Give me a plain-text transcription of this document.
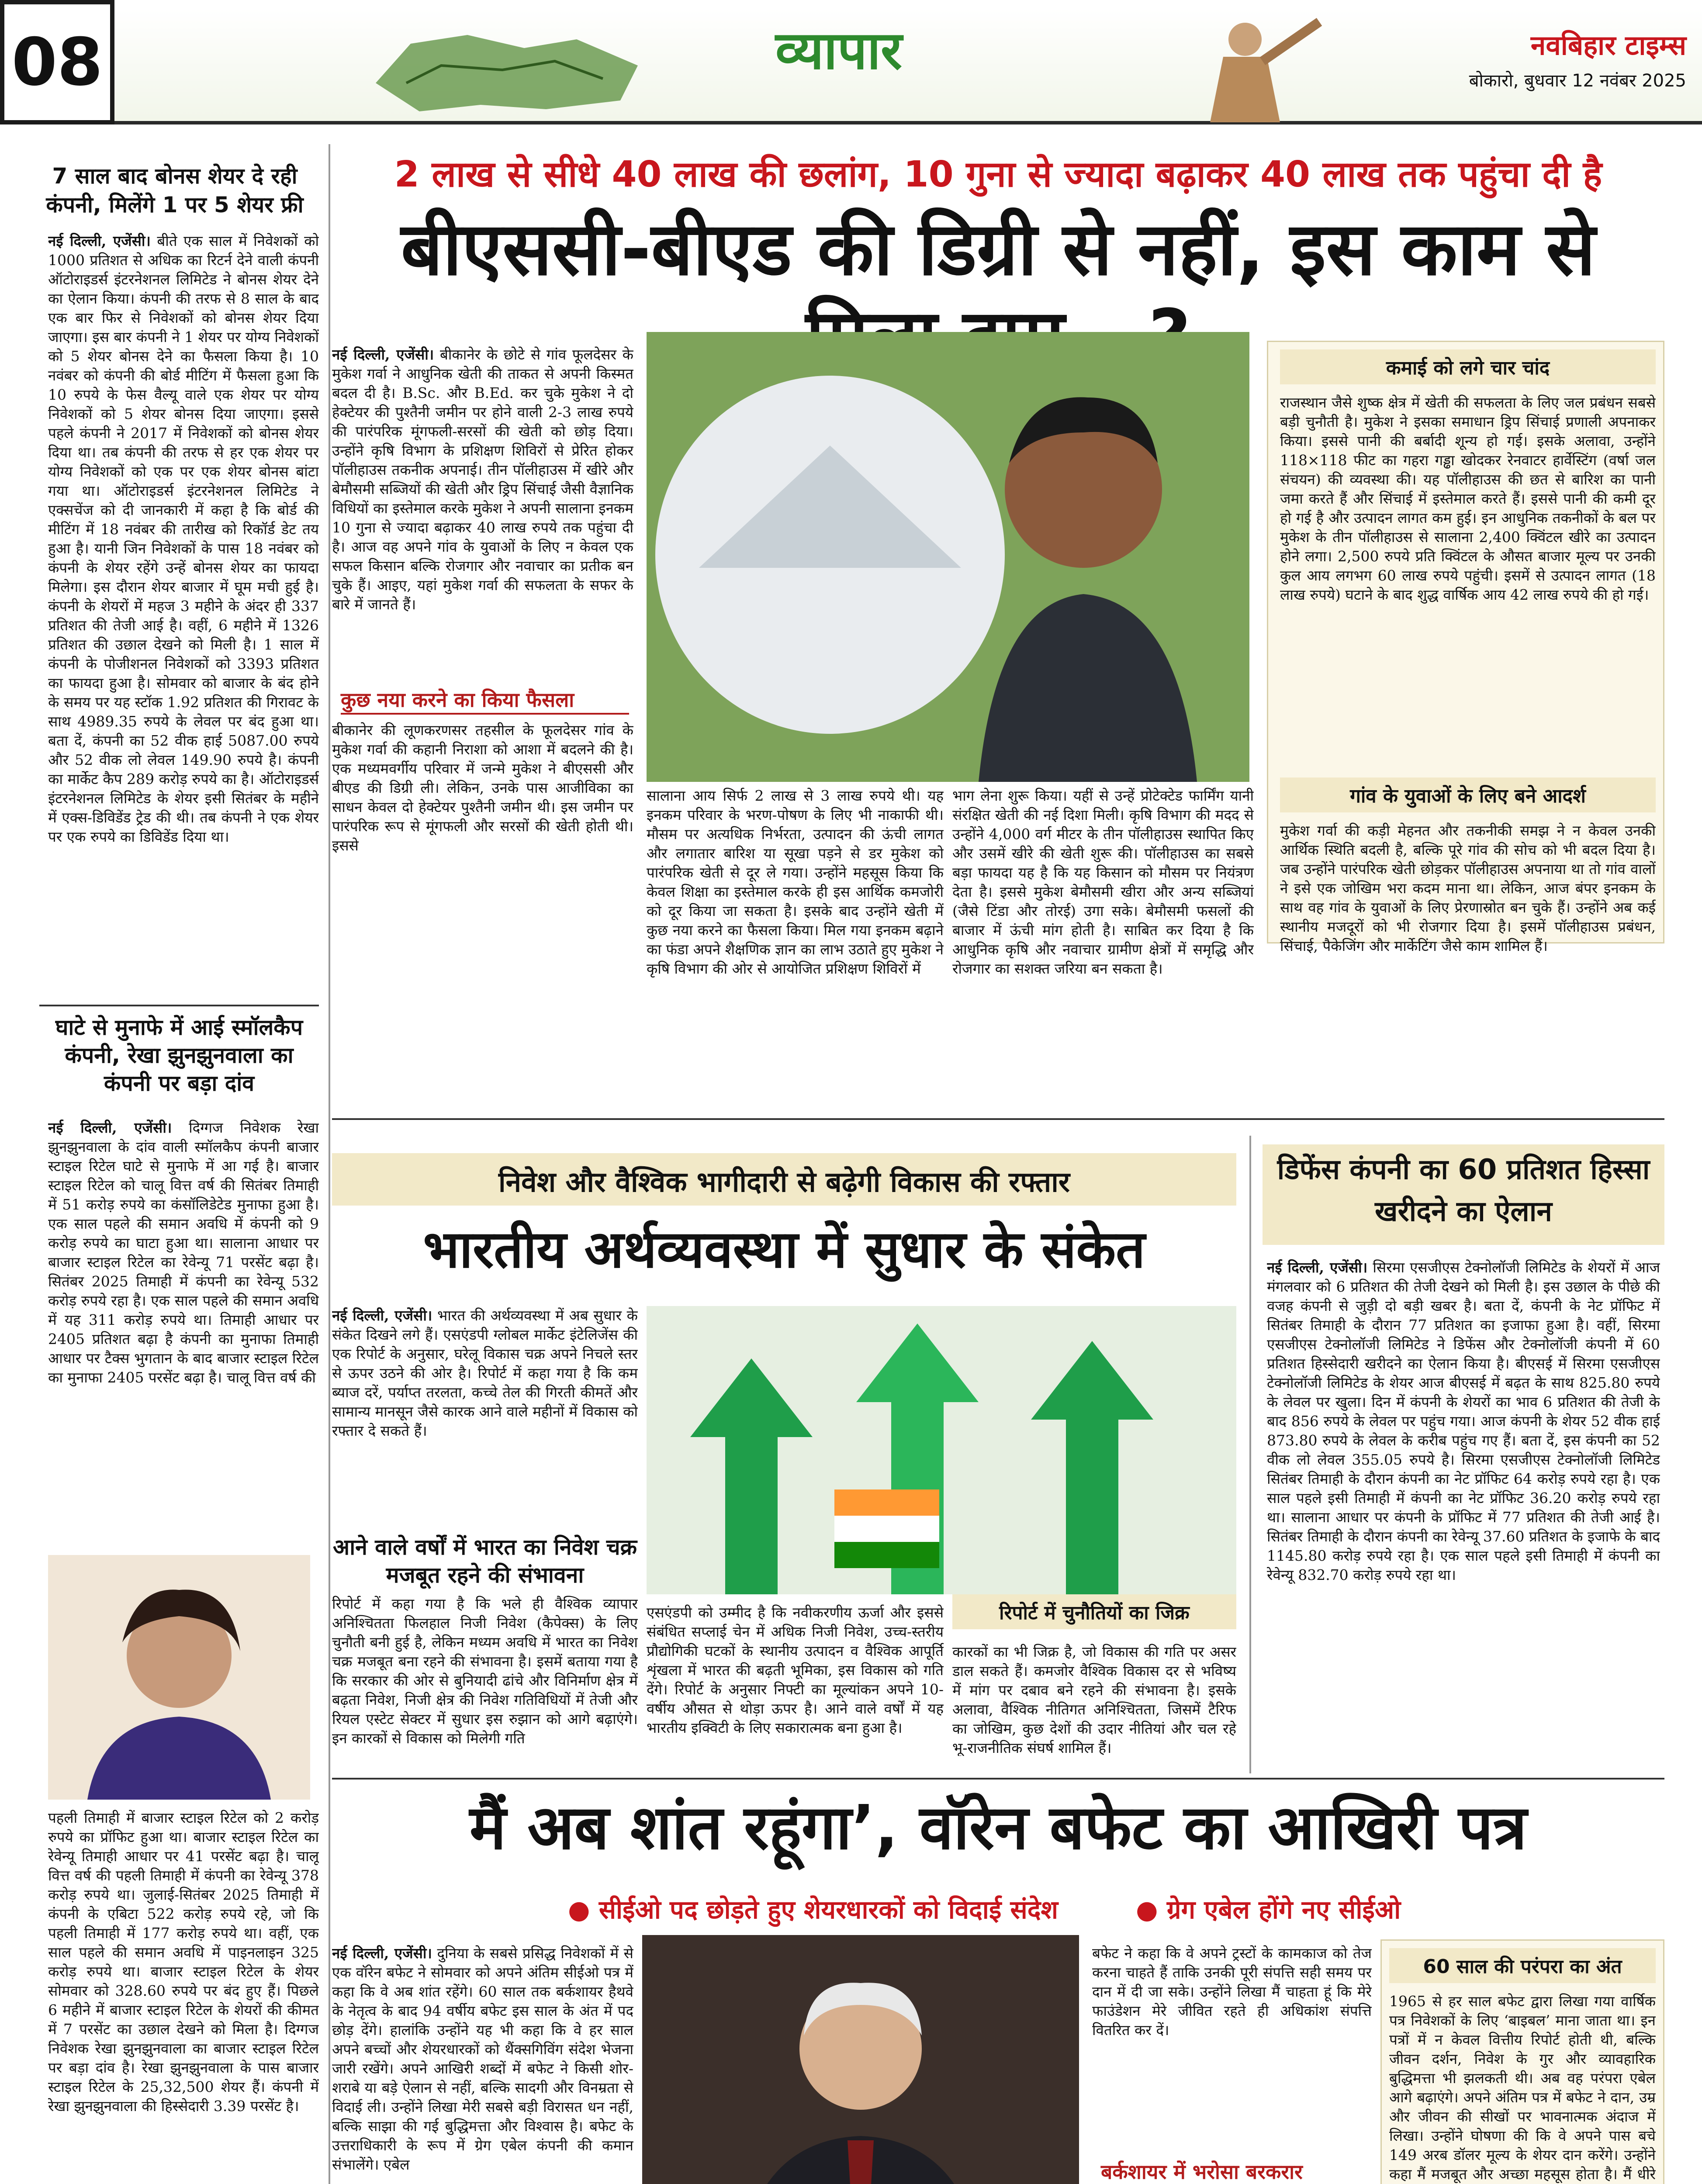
08	व्यापार	नवबिहार टाइम्स
बोकारो, बुधवार 12 नवंबर 2025
7 साल बाद बोनस शेयर दे रही कंपनी, मिलेंगे 1 पर 5 शेयर फ्री
नई दिल्ली, एजेंसी। बीते एक साल में निवेशकों को 1000 प्रतिशत से अधिक का रिटर्न देने वाली कंपनी ऑटोराइडर्स इंटरनेशनल लिमिटेड ने बोनस शेयर देने का ऐलान किया। कंपनी की तरफ से 8 साल के बाद एक बार फिर से निवेशकों को बोनस शेयर दिया जाएगा। इस बार कंपनी ने 1 शेयर पर योग्य निवेशकों को 5 शेयर बोनस देने का फैसला किया है। 10 नवंबर को कंपनी की बोर्ड मीटिंग में फैसला हुआ कि 10 रुपये के फेस वैल्यू वाले एक शेयर पर योग्य निवेशकों को 5 शेयर बोनस दिया जाएगा। इससे पहले कंपनी ने 2017 में निवेशकों को बोनस शेयर दिया था। तब कंपनी की तरफ से हर एक शेयर पर योग्य निवेशकों को एक पर एक शेयर बोनस बांटा गया था। ऑटोराइडर्स इंटरनेशनल लिमिटेड ने एक्सचेंज को दी जानकारी में कहा है कि बोर्ड की मीटिंग में 18 नवंबर की तारीख को रिकॉर्ड डेट तय हुआ है। यानी जिन निवेशकों के पास 18 नवंबर को कंपनी के शेयर रहेंगे उन्हें बोनस शेयर का फायदा मिलेगा। इस दौरान शेयर बाजार में घूम मची हुई है। कंपनी के शेयरों में महज 3 महीने के अंदर ही 337 प्रतिशत की तेजी आई है। वहीं, 6 महीने में 1326 प्रतिशत की उछाल देखने को मिली है। 1 साल में कंपनी के पोजीशनल निवेशकों को 3393 प्रतिशत का फायदा हुआ है। सोमवार को बाजार के बंद होने के समय पर यह स्टॉक 1.92 प्रतिशत की गिरावट के साथ 4989.35 रुपये के लेवल पर बंद हुआ था। बता दें, कंपनी का 52 वीक हाई 5087.00 रुपये और 52 वीक लो लेवल 149.90 रुपये है। कंपनी का मार्केट कैप 289 करोड़ रुपये का है। ऑटोराइडर्स इंटरनेशनल लिमिटेड के शेयर इसी सितंबर के महीने में एक्स-डिविडेंड ट्रेड की थी। तब कंपनी ने एक शेयर पर एक रुपये का डिविडेंड दिया था।
घाटे से मुनाफे में आई स्मॉलकैप कंपनी, रेखा झुनझुनवाला का कंपनी पर बड़ा दांव
नई दिल्ली, एजेंसी। दिग्गज निवेशक रेखा झुनझुनवाला के दांव वाली स्मॉलकैप कंपनी बाजार स्टाइल रिटेल घाटे से मुनाफे में आ गई है। बाजार स्टाइल रिटेल को चालू वित्त वर्ष की सितंबर तिमाही में 51 करोड़ रुपये का कंसॉलिडेटेड मुनाफा हुआ है। एक साल पहले की समान अवधि में कंपनी को 9 करोड़ रुपये का घाटा हुआ था। सालाना आधार पर बाजार स्टाइल रिटेल का रेवेन्यू 71 परसेंट बढ़ा है। सितंबर 2025 तिमाही में कंपनी का रेवेन्यू 532 करोड़ रुपये रहा है। एक साल पहले की समान अवधि में यह 311 करोड़ रुपये था। तिमाही आधार पर 2405 प्रतिशत बढ़ा है कंपनी का मुनाफा तिमाही आधार पर टैक्स भुगतान के बाद बाजार स्टाइल रिटेल का मुनाफा 2405 परसेंट बढ़ा है। चालू वित्त वर्ष की
पहली तिमाही में बाजार स्टाइल रिटेल को 2 करोड़ रुपये का प्रॉफिट हुआ था। बाजार स्टाइल रिटेल का रेवेन्यू तिमाही आधार पर 41 परसेंट बढ़ा है। चालू वित्त वर्ष की पहली तिमाही में कंपनी का रेवेन्यू 378 करोड़ रुपये था। जुलाई-सितंबर 2025 तिमाही में कंपनी के एबिटा 522 करोड़ रुपये रहे, जो कि पहली तिमाही में 177 करोड़ रुपये था। वहीं, एक साल पहले की समान अवधि में पाइनलाइन 325 करोड़ रुपये था। बाजार स्टाइल रिटेल के शेयर सोमवार को 328.60 रुपये पर बंद हुए हैं। पिछले 6 महीने में बाजार स्टाइल रिटेल के शेयरों की कीमत में 7 परसेंट का उछाल देखने को मिला है। दिग्गज निवेशक रेखा झुनझुनवाला का बाजार स्टाइल रिटेल पर बड़ा दांव है। रेखा झुनझुनवाला के पास बाजार स्टाइल रिटेल के 25,32,500 शेयर हैं। कंपनी में रेखा झुनझुनवाला की हिस्सेदारी 3.39 परसेंट है।
2 लाख से सीधे 40 लाख की छलांग, 10 गुना से ज्यादा बढ़ाकर 40 लाख तक पहुंचा दी है
बीएससी-बीएड की डिग्री से नहीं, इस काम से
नई दिल्ली, एजेंसी। बीकानेर के छोटे से गांव फूलदेसर के मुकेश गर्वा ने आधुनिक खेती की ताकत से अपनी किस्मत बदल दी है। B.Sc. और B.Ed. कर चुके मुकेश ने दो हेक्टेयर की पुश्तैनी जमीन पर होने वाली 2-3 लाख रुपये की पारंपरिक मूंगफली-सरसों की खेती को छोड़ दिया। उन्होंने कृषि विभाग के प्रशिक्षण शिविरों से प्रेरित होकर पॉलीहाउस तकनीक अपनाई। तीन पॉलीहाउस में खीरे और बेमौसमी सब्जियों की खेती और ड्रिप सिंचाई जैसी वैज्ञानिक विधियों का इस्तेमाल करके मुकेश ने अपनी सालाना इनकम 10 गुना से ज्यादा बढ़ाकर 40 लाख रुपये तक पहुंचा दी है। आज वह अपने गांव के युवाओं के लिए न केवल एक सफल किसान बल्कि रोजगार और नवाचार का प्रतीक बन चुके हैं। आइए, यहां मुकेश गर्वा की सफलता के सफर के बारे में जानते हैं।
कुछ नया करने का किया फैसला
बीकानेर की लूणकरणसर तहसील के फूलदेसर गांव के मुकेश गर्वा की कहानी निराशा को आशा में बदलने की है। एक मध्यमवर्गीय परिवार में जन्मे मुकेश ने बीएससी और बीएड की डिग्री ली। लेकिन, उनके पास आजीविका का साधन केवल दो हेक्टेयर पुश्तैनी जमीन थी। इस जमीन पर पारंपरिक रूप से मूंगफली और सरसों की खेती होती थी। इससे
सालाना आय सिर्फ 2 लाख से 3 लाख रुपये थी। यह इनकम परिवार के भरण-पोषण के लिए भी नाकाफी थी। मौसम पर अत्यधिक निर्भरता, उत्पादन की ऊंची लागत और लगातार बारिश या सूखा पड़ने से डर मुकेश को पारंपरिक खेती से दूर ले गया। उन्होंने महसूस किया कि केवल शिक्षा का इस्तेमाल करके ही इस आर्थिक कमजोरी को दूर किया जा सकता है। इसके बाद उन्होंने खेती में कुछ नया करने का फैसला किया। मिल गया इनकम बढ़ाने का फंडा अपने शैक्षणिक ज्ञान का लाभ उठाते हुए मुकेश ने कृषि विभाग की ओर से आयोजित प्रशिक्षण शिविरों में
भाग लेना शुरू किया। यहीं से उन्हें प्रोटेक्टेड फार्मिंग यानी संरक्षित खेती की नई दिशा मिली। कृषि विभाग की मदद से उन्होंने 4,000 वर्ग मीटर के तीन पॉलीहाउस स्थापित किए और उसमें खीरे की खेती शुरू की। पॉलीहाउस का सबसे बड़ा फायदा यह है कि यह किसान को मौसम पर नियंत्रण देता है। इससे मुकेश बेमौसमी खीरा और अन्य सब्जियां (जैसे टिंडा और तोरई) उगा सके। बेमौसमी फसलों की बाजार में ऊंची मांग होती है। साबित कर दिया है कि आधुनिक कृषि और नवाचार ग्रामीण क्षेत्रों में समृद्धि और रोजगार का सशक्त जरिया बन सकता है।
कमाई को लगे चार चांद
राजस्थान जैसे शुष्क क्षेत्र में खेती की सफलता के लिए जल प्रबंधन सबसे बड़ी चुनौती है। मुकेश ने इसका समाधान ड्रिप सिंचाई प्रणाली अपनाकर किया। इससे पानी की बर्बादी शून्य हो गई। इसके अलावा, उन्होंने 118×118 फीट का गहरा गड्ढा खोदकर रेनवाटर हार्वेस्टिंग (वर्षा जल संचयन) की व्यवस्था की। यह पॉलीहाउस की छत से बारिश का पानी जमा करते हैं और सिंचाई में इस्तेमाल करते हैं। इससे पानी की कमी दूर हो गई है और उत्पादन लागत कम हुई। इन आधुनिक तकनीकों के बल पर मुकेश के तीन पॉलीहाउस से सालाना 2,400 क्विंटल खीरे का उत्पादन होने लगा। 2,500 रुपये प्रति क्विंटल के औसत बाजार मूल्य पर उनकी कुल आय लगभग 60 लाख रुपये पहुंची। इसमें से उत्पादन लागत (18 लाख रुपये) घटाने के बाद शुद्ध वार्षिक आय 42 लाख रुपये की हो गई।
गांव के युवाओं के लिए बने आदर्श
मुकेश गर्वा की कड़ी मेहनत और तकनीकी समझ ने न केवल उनकी आर्थिक स्थिति बदली है, बल्कि पूरे गांव की सोच को भी बदल दिया है। जब उन्होंने पारंपरिक खेती छोड़कर पॉलीहाउस अपनाया था तो गांव वालों ने इसे एक जोखिम भरा कदम माना था। लेकिन, आज बंपर इनकम के साथ वह गांव के युवाओं के लिए प्रेरणास्रोत बन चुके हैं। उन्होंने अब कई स्थानीय मजदूरों को भी रोजगार दिया है। इसमें पॉलीहाउस प्रबंधन, सिंचाई, पैकेजिंग और मार्केटिंग जैसे काम शामिल हैं।
निवेश और वैश्विक भागीदारी से बढ़ेगी विकास की रफ्तार
भारतीय अर्थव्यवस्था में सुधार के संकेत
नई दिल्ली, एजेंसी। भारत की अर्थव्यवस्था में अब सुधार के संकेत दिखने लगे हैं। एसएंडपी ग्लोबल मार्केट इंटेलिजेंस की एक रिपोर्ट के अनुसार, घरेलू विकास चक्र अपने निचले स्तर से ऊपर उठने की ओर है। रिपोर्ट में कहा गया है कि कम ब्याज दरें, पर्याप्त तरलता, कच्चे तेल की गिरती कीमतें और सामान्य मानसून जैसे कारक आने वाले महीनों में विकास को रफ्तार दे सकते हैं।
आने वाले वर्षों में भारत का निवेश चक्र मजबूत रहने की संभावना
रिपोर्ट में कहा गया है कि भले ही वैश्विक व्यापार अनिश्चितता फिलहाल निजी निवेश (कैपेक्स) के लिए चुनौती बनी हुई है, लेकिन मध्यम अवधि में भारत का निवेश चक्र मजबूत बना रहने की संभावना है। इसमें बताया गया है कि सरकार की ओर से बुनियादी ढांचे और विनिर्माण क्षेत्र में बढ़ता निवेश, निजी क्षेत्र की निवेश गतिविधियों में तेजी और रियल एस्टेट सेक्टर में सुधार इस रुझान को आगे बढ़ाएंगे। इन कारकों से विकास को मिलेगी गति
एसएंडपी को उम्मीद है कि नवीकरणीय ऊर्जा और इससे संबंधित सप्लाई चेन में अधिक निजी निवेश, उच्च-स्तरीय प्रौद्योगिकी घटकों के स्थानीय उत्पादन व वैश्विक आपूर्ति शृंखला में भारत की बढ़ती भूमिका, इस विकास को गति देंगे। रिपोर्ट के अनुसार निफ्टी का मूल्यांकन अपने 10-वर्षीय औसत से थोड़ा ऊपर है। आने वाले वर्षों में यह भारतीय इक्विटी के लिए सकारात्मक बना हुआ है।
रिपोर्ट में चुनौतियों का जिक्र
कारकों का भी जिक्र है, जो विकास की गति पर असर डाल सकते हैं। कमजोर वैश्विक विकास दर से भविष्य में मांग पर दबाव बने रहने की संभावना है। इसके अलावा, वैश्विक नीतिगत अनिश्चितता, जिसमें टैरिफ का जोखिम, कुछ देशों की उदार नीतियां और चल रहे भू-राजनीतिक संघर्ष शामिल हैं।
डिफेंस कंपनी का 60 प्रतिशत हिस्सा खरीदने का ऐलान
नई दिल्ली, एजेंसी। सिरमा एसजीएस टेक्नोलॉजी लिमिटेड के शेयरों में आज मंगलवार को 6 प्रतिशत की तेजी देखने को मिली है। इस उछाल के पीछे की वजह कंपनी से जुड़ी दो बड़ी खबर है। बता दें, कंपनी के नेट प्रॉफिट में सितंबर तिमाही के दौरान 77 प्रतिशत का इजाफा हुआ है। वहीं, सिरमा एसजीएस टेक्नोलॉजी लिमिटेड ने डिफेंस और टेक्नोलॉजी कंपनी में 60 प्रतिशत हिस्सेदारी खरीदने का ऐलान किया है। बीएसई में सिरमा एसजीएस टेक्नोलॉजी लिमिटेड के शेयर आज बीएसई में बढ़त के साथ 825.80 रुपये के लेवल पर खुला। दिन में कंपनी के शेयरों का भाव 6 प्रतिशत की तेजी के बाद 856 रुपये के लेवल पर पहुंच गया। आज कंपनी के शेयर 52 वीक हाई 873.80 रुपये के लेवल के करीब पहुंच गए हैं। बता दें, इस कंपनी का 52 वीक लो लेवल 355.05 रुपये है। सिरमा एसजीएस टेक्नोलॉजी लिमिटेड सितंबर तिमाही के दौरान कंपनी का नेट प्रॉफिट 64 करोड़ रुपये रहा है। एक साल पहले इसी तिमाही में कंपनी का नेट प्रॉफिट 36.20 करोड़ रुपये रहा था। सालाना आधार पर कंपनी के प्रॉफिट में 77 प्रतिशत की तेजी आई है। सितंबर तिमाही के दौरान कंपनी का रेवेन्यू 37.60 प्रतिशत के इजाफे के बाद 1145.80 करोड़ रुपये रहा है। एक साल पहले इसी तिमाही में कंपनी का रेवेन्यू 832.70 करोड़ रुपये रहा था।
मैं अब शांत रहूंगा’, वॉरेन बफेट का आखिरी पत्र
● सीईओ पद छोड़ते हुए शेयरधारकों को विदाई संदेश	● ग्रेग एबेल होंगे नए सीईओ
नई दिल्ली, एजेंसी। दुनिया के सबसे प्रसिद्ध निवेशकों में से एक वॉरेन बफेट ने सोमवार को अपने अंतिम सीईओ पत्र में कहा कि वे अब शांत रहेंगे। 60 साल तक बर्कशायर हैथवे के नेतृत्व के बाद 94 वर्षीय बफेट इस साल के अंत में पद छोड़ देंगे। हालांकि उन्होंने यह भी कहा कि वे हर साल अपने बच्चों और शेयरधारकों को थैंक्सगिविंग संदेश भेजना जारी रखेंगे। अपने आखिरी शब्दों में बफेट ने किसी शोर-शराबे या बड़े ऐलान से नहीं, बल्कि सादगी और विनम्रता से विदाई ली। उन्होंने लिखा मेरी सबसे बड़ी विरासत धन नहीं, बल्कि साझा की गई बुद्धिमत्ता और विश्वास है। बफेट के उत्तराधिकारी के रूप में ग्रेग एबेल कंपनी की कमान संभालेंगे। एबेल
बफेट ने कहा कि वे अपने ट्रस्टों के कामकाज को तेज करना चाहते हैं ताकि उनकी पूरी संपत्ति सही समय पर दान में दी जा सके। उन्होंने लिखा मैं चाहता हूं कि मेरे फाउंडेशन मेरे जीवित रहते ही अधिकांश संपत्ति वितरित कर दें।
बर्कशायर में भरोसा बरकरार
60 साल की परंपरा का अंत
1965 से हर साल बफेट द्वारा लिखा गया वार्षिक पत्र निवेशकों के लिए ‘बाइबल’ माना जाता था। इन पत्रों में न केवल वित्तीय रिपोर्ट होती थी, बल्कि जीवन दर्शन, निवेश के गुर और व्यावहारिक बुद्धिमत्ता भी झलकती थी। अब वह परंपरा एबेल आगे बढ़ाएंगे। अपने अंतिम पत्र में बफेट ने दान, उम्र और जीवन की सीखों पर भावनात्मक अंदाज में लिखा। उन्होंने घोषणा की कि वे अपने पास बचे 149 अरब डॉलर मूल्य के शेयर दान करेंगे। उन्होंने कहा मैं मजबूत और अच्छा महसूस होता है। मैं धीरे
